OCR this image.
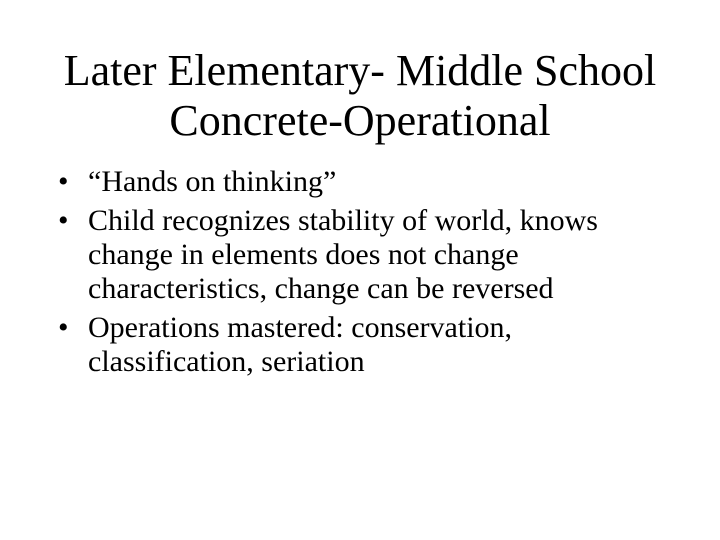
Later Elementary- Middle School
Concrete-Operational
• “Hands on thinking”
• Child recognizes stability of world, knows
change in elements does not change
characteristics, change can be reversed
• Operations mastered: conservation,
classification, seriation
